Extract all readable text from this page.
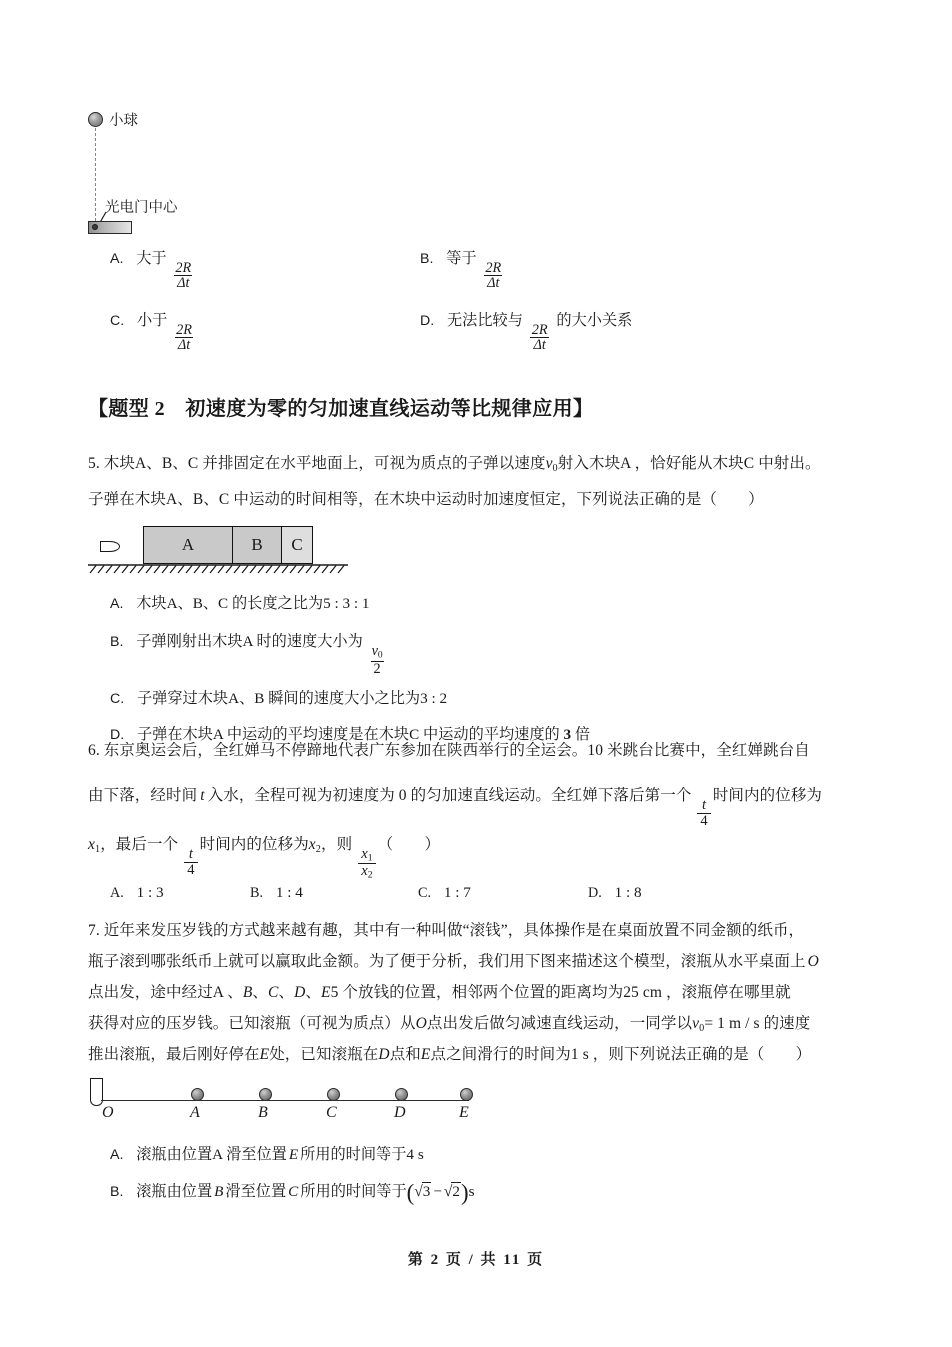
小球
光电门中心
A. 大于
$\frac{2R}{\Delta t}$
B. 等于
$\frac{2R}{\Delta t}$
C. 小于
$\frac{2R}{\Delta t}$
D. 无法比较与
$\frac{2R}{\Delta t}$
的大小关系
【题型 2 初速度为零的匀加速直线运动等比规律应用】
5. 木块A、B、C 并排固定在水平地面上，可视为质点的子弹以速度v0射入木块A ，恰好能从木块C 中射出。
子弹在木块A、B、C 中运动的时间相等，在木块中运动时加速度恒定，下列说法正确的是（  ）
A	B	C
A. 木块A、B、C 的长度之比为5 : 3 : 1
B. 子弹刚射出木块A 时的速度大小为
$\frac{v0}{2}$
C. 子弹穿过木块A、B 瞬间的速度大小之比为3 : 2
D. 子弹在木块A 中运动的平均速度是在木块C 中运动的平均速度的 3 倍
6. 东京奥运会后，全红婵马不停蹄地代表广东参加在陕西举行的全运会。10 米跳台比赛中，全红婵跳台自
由下落，经时间 t 入水，全程可视为初速度为 0 的匀加速直线运动。全红婵下落后第一个
$\frac{t}{4}$
时间内的位移为
x1，最后一个
$\frac{t}{4}$
时间内的位移为x2，则
$\frac{x1}{x2}$
（  ）
A. 1 : 3	B. 1 : 4	C. 1 : 7	D. 1 : 8
7. 近年来发压岁钱的方式越来越有趣，其中有一种叫做“滚钱”，具体操作是在桌面放置不同金额的纸币，
瓶子滚到哪张纸币上就可以赢取此金额。为了便于分析，我们用下图来描述这个模型，滚瓶从水平桌面上 O
点出发，途中经过A 、B、C、D、E5 个放钱的位置，相邻两个位置的距离均为25 cm ，滚瓶停在哪里就
获得对应的压岁钱。已知滚瓶（可视为质点）从O点出发后做匀减速直线运动，一同学以v0= 1 m / s 的速度
推出滚瓶，最后刚好停在E处，已知滚瓶在D点和E点之间滑行的时间为1 s ，则下列说法正确的是（  ）
O	A	B	C	D	E
A. 滚瓶由位置A 滑至位置 E 所用的时间等于4 s
B. 滚瓶由位置 B 滑至位置 C 所用的时间等于(√3 − √2)s
第 2 页 / 共 11 页
